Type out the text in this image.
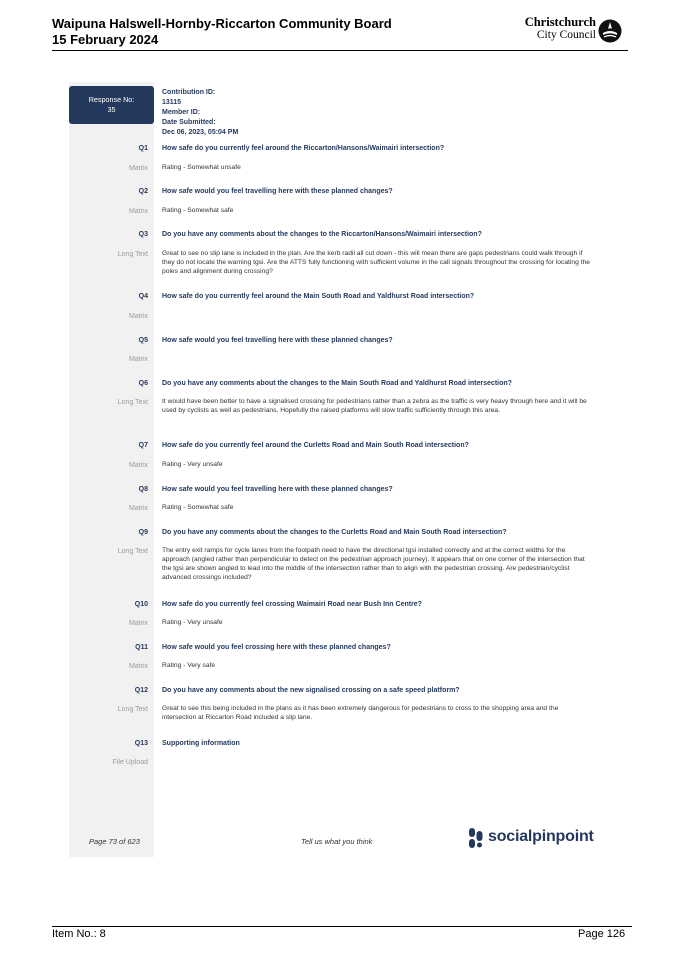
Waipuna Halswell-Hornby-Riccarton Community Board
15 February 2024
Christchurch
City Council
Response No:
35
Contribution ID:
13115
Member ID:
Date Submitted:
Dec 06, 2023, 05:04 PM
Q1 How safe do you currently feel around the Riccarton/Hansons/Waimairi intersection?
Matrix Rating - Somewhat unsafe
Q2 How safe would you feel travelling here with these planned changes?
Matrix Rating - Somewhat safe
Q3 Do you have any comments about the changes to the Riccarton/Hansons/Waimairi intersection?
Long Text Great to see no slip lane is included in the plan. Are the kerb radii all cut down - this will mean there are gaps pedestrians could walk through if they do not locate the warning tgsi. Are the ATTS fully functioning with sufficient volume in the call signals throughout the crossing for locating the poles and alignment during crossing?
Q4 How safe do you currently feel around the Main South Road and Yaldhurst Road intersection?
Matrix
Q5 How safe would you feel travelling here with these planned changes?
Matrix
Q6 Do you have any comments about the changes to the Main South Road and Yaldhurst Road intersection?
Long Text It would have been better to have a signalised crossing for pedestrians rather than a zebra as the traffic is very heavy through here and it will be used by cyclists as well as pedestrians. Hopefully the raised platforms will slow traffic sufficiently through this area.
Q7 How safe do you currently feel around the Curletts Road and Main South Road intersection?
Matrix Rating - Very unsafe
Q8 How safe would you feel travelling here with these planned changes?
Matrix Rating - Somewhat safe
Q9 Do you have any comments about the changes to the Curletts Road and Main South Road intersection?
Long Text The entry exit ramps for cycle lanes from the footpath need to have the directional tgsi installed correctly and at the correct widths for the approach (angled rather than perpendicular to detect on the pedestrian approach journey). It appears that on one corner of the intersection that the tgsi are shown angled to lead into the middle of the intersection rather than to align with the pedestrian crossing. Are pedestrian/cyclist advanced crossings included?
Q10 How safe do you currently feel crossing Waimairi Road near Bush Inn Centre?
Matrix Rating - Very unsafe
Q11 How safe would you feel crossing here with these planned changes?
Matrix Rating - Very safe
Q12 Do you have any comments about the new signalised crossing on a safe speed platform?
Long Text Great to see this being included in the plans as it has been extremely dangerous for pedestrians to cross to the shopping area and the intersection at Riccarton Road included a slip lane.
Q13 Supporting information
File Upload
Page 73 of 623	Tell us what you think	socialpinpoint
Item No.: 8	Page 126
